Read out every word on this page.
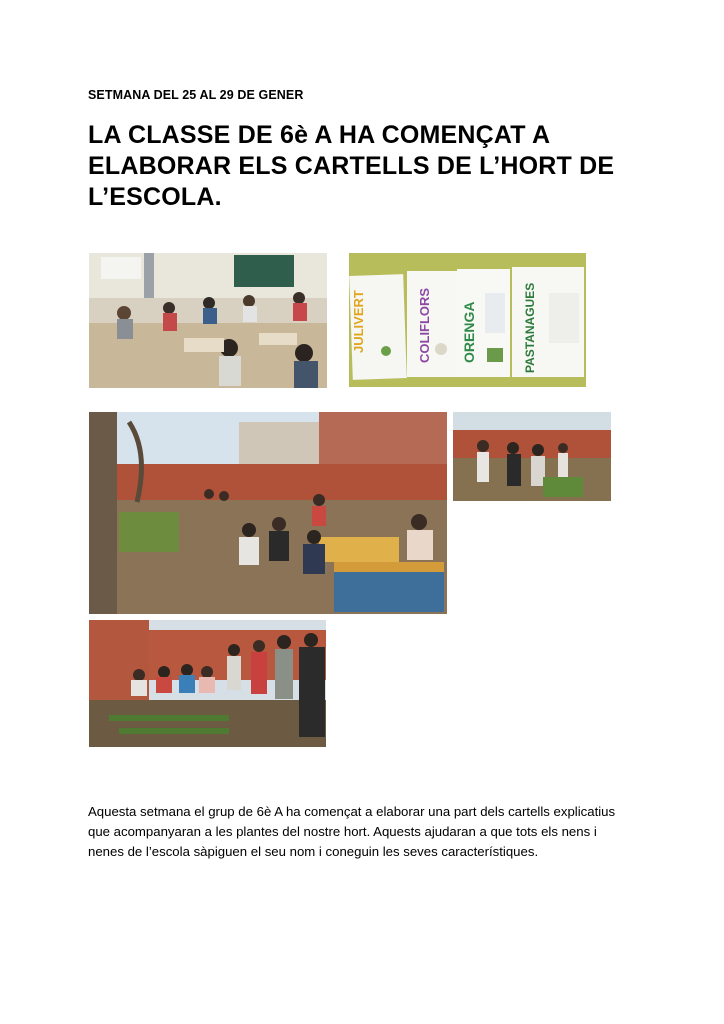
SETMANA DEL 25 AL 29 DE GENER
LA CLASSE DE 6è A HA COMENÇAT A
ELABORAR ELS CARTELLS DE L’HORT DE
L’ESCOLA.
JULIVERT	COLIFLORS ORENGA	PASTANAGUES

Aquesta setmana el grup de 6è A ha començat a elaborar una part dels cartells explicatius
que acompanyaran a les plantes del nostre hort. Aquests ajudaran a que tots els nens i
nenes de l’escola sàpiguen el seu nom i coneguin les seves característiques.
